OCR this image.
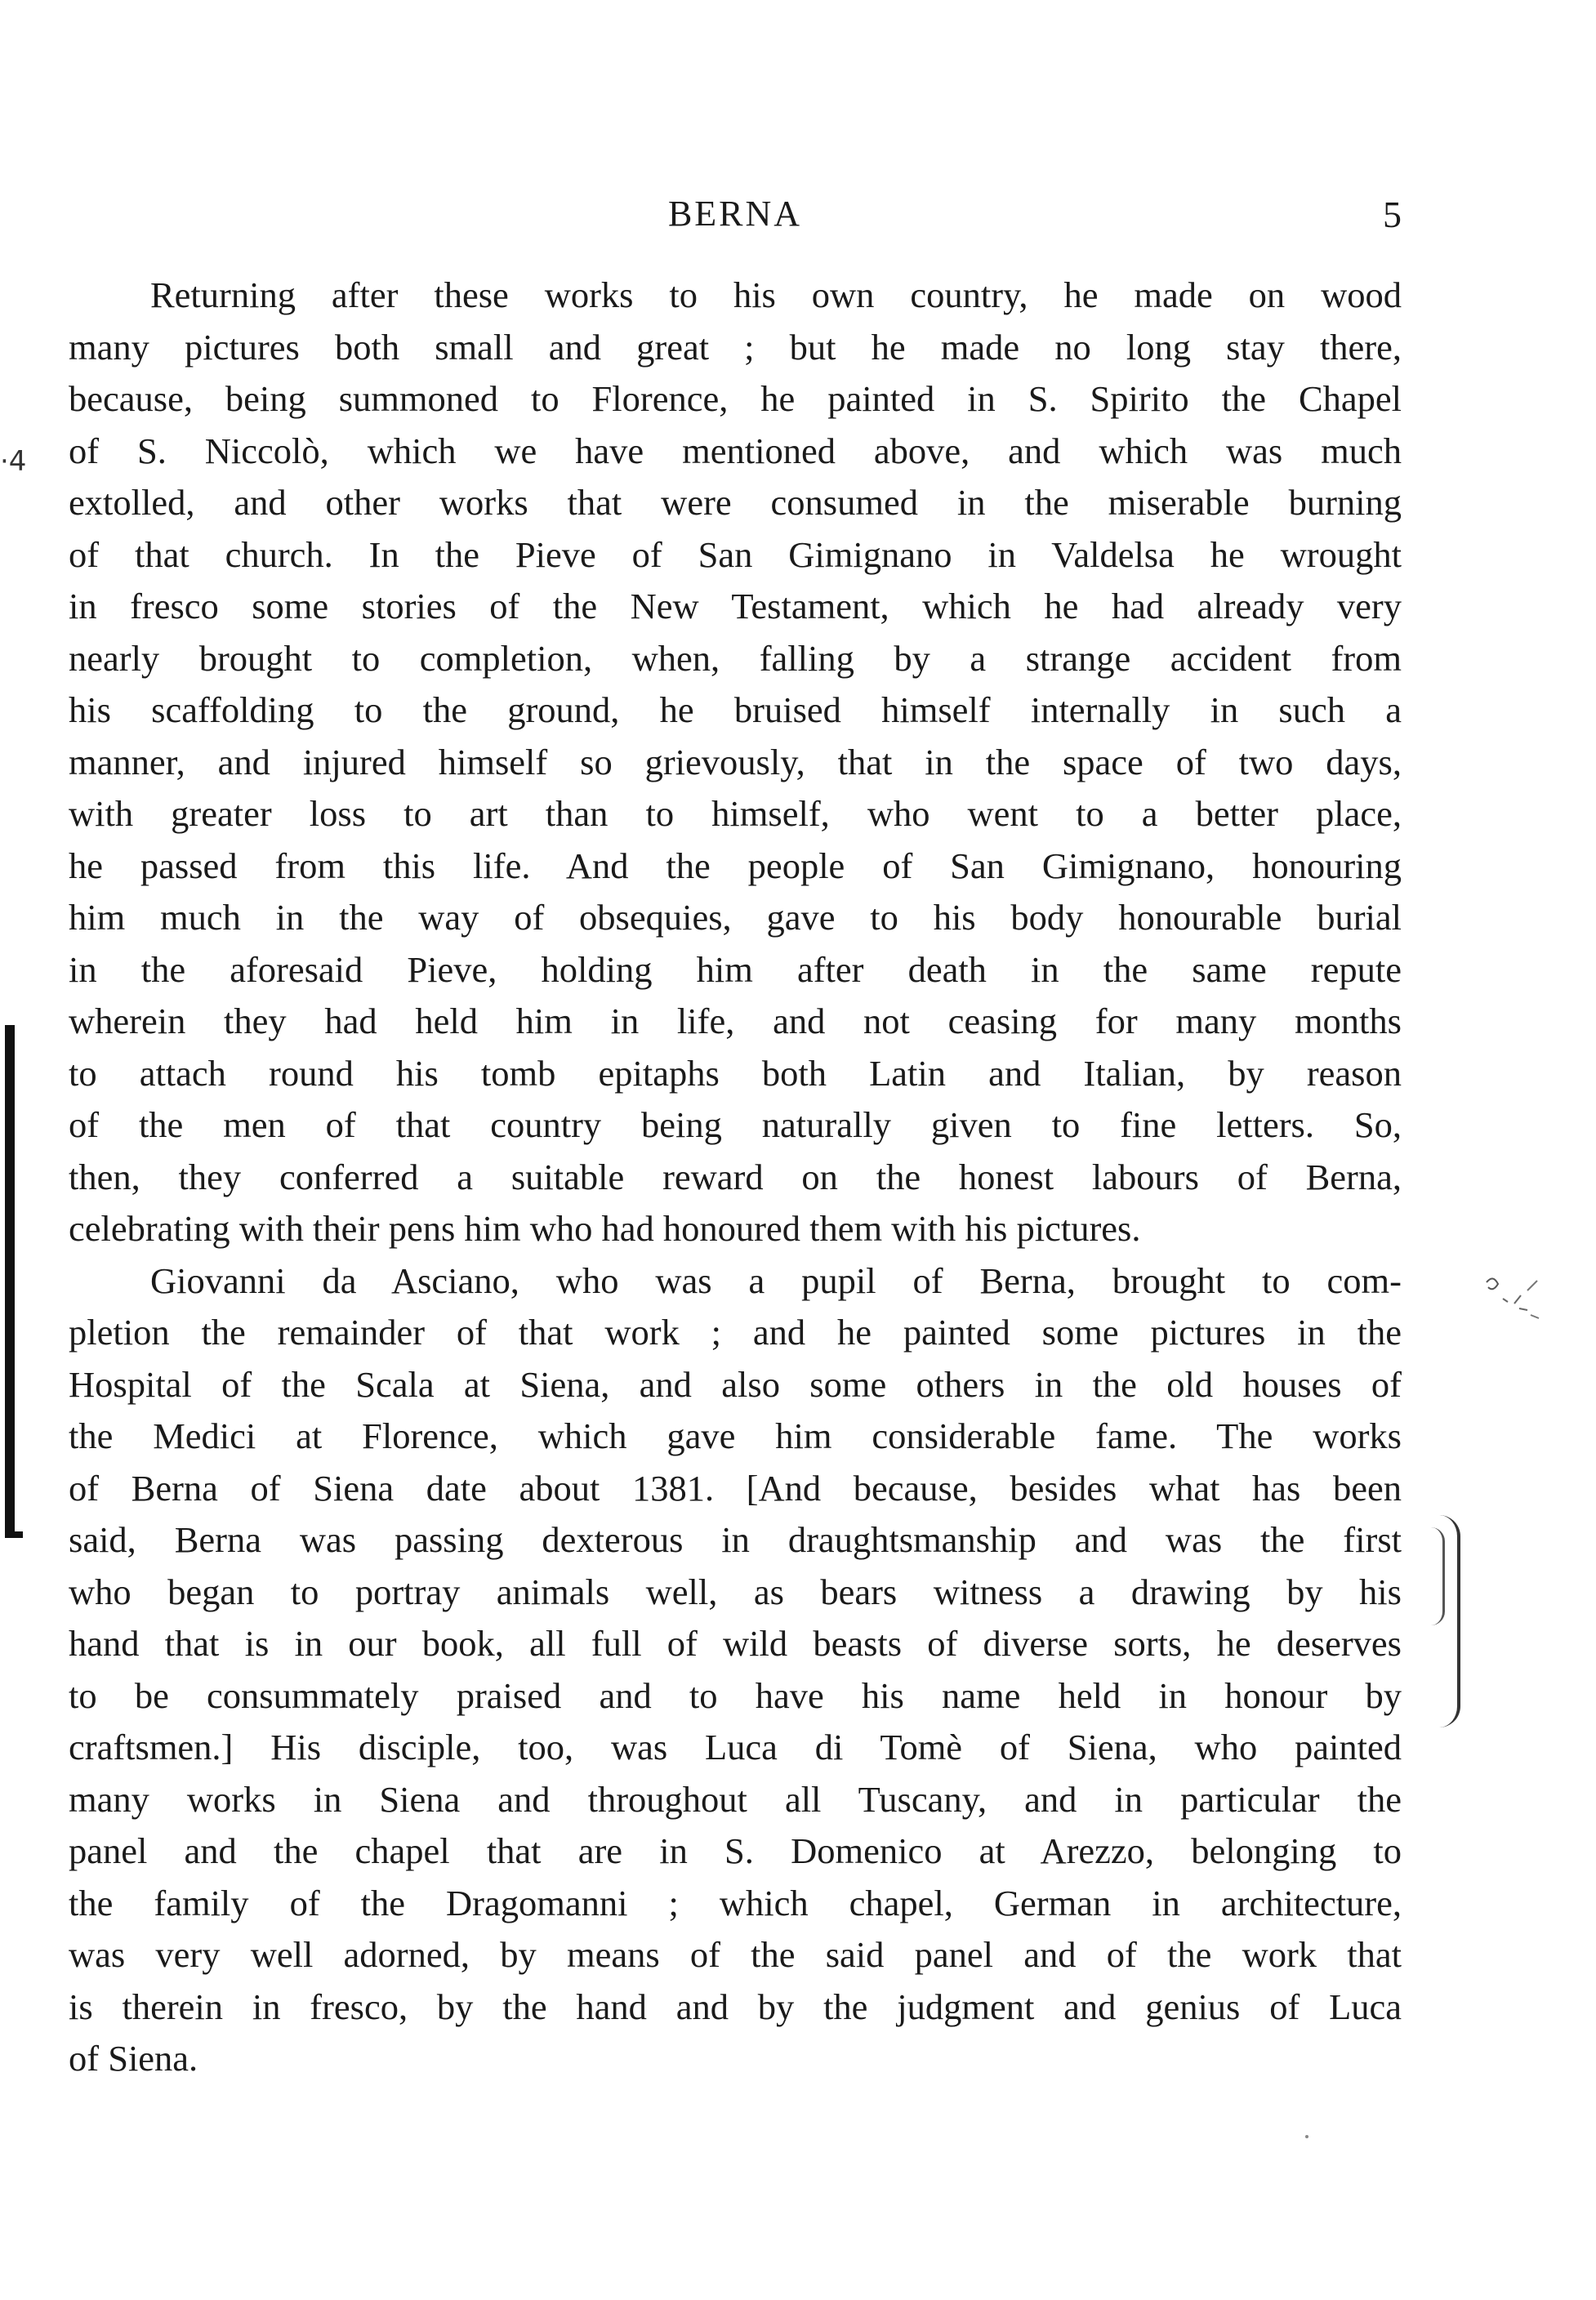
BERNA	5
·4
Returning after these works to his own country, he made on wood
many pictures both small and great ; but he made no long stay there,
because, being summoned to Florence, he painted in S. Spirito the Chapel
of S. Niccolò, which we have mentioned above, and which was much
extolled, and other works that were consumed in the miserable burning
of that church. In the Pieve of San Gimignano in Valdelsa he wrought
in fresco some stories of the New Testament, which he had already very
nearly brought to completion, when, falling by a strange accident from
his scaffolding to the ground, he bruised himself internally in such a
manner, and injured himself so grievously, that in the space of two days,
with greater loss to art than to himself, who went to a better place,
he passed from this life. And the people of San Gimignano, honouring
him much in the way of obsequies, gave to his body honourable burial
in the aforesaid Pieve, holding him after death in the same repute
wherein they had held him in life, and not ceasing for many months
to attach round his tomb epitaphs both Latin and Italian, by reason
of the men of that country being naturally given to fine letters. So,
then, they conferred a suitable reward on the honest labours of Berna,
celebrating with their pens him who had honoured them with his pictures.
Giovanni da Asciano, who was a pupil of Berna, brought to com-
pletion the remainder of that work ; and he painted some pictures in the
Hospital of the Scala at Siena, and also some others in the old houses of
the Medici at Florence, which gave him considerable fame. The works
of Berna of Siena date about 1381. [And because, besides what has been
said, Berna was passing dexterous in draughtsmanship and was the first
who began to portray animals well, as bears witness a drawing by his
hand that is in our book, all full of wild beasts of diverse sorts, he deserves
to be consummately praised and to have his name held in honour by
craftsmen.] His disciple, too, was Luca di Tomè of Siena, who painted
many works in Siena and throughout all Tuscany, and in particular the
panel and the chapel that are in S. Domenico at Arezzo, belonging to
the family of the Dragomanni ; which chapel, German in architecture,
was very well adorned, by means of the said panel and of the work that
is therein in fresco, by the hand and by the judgment and genius of Luca
of Siena.
